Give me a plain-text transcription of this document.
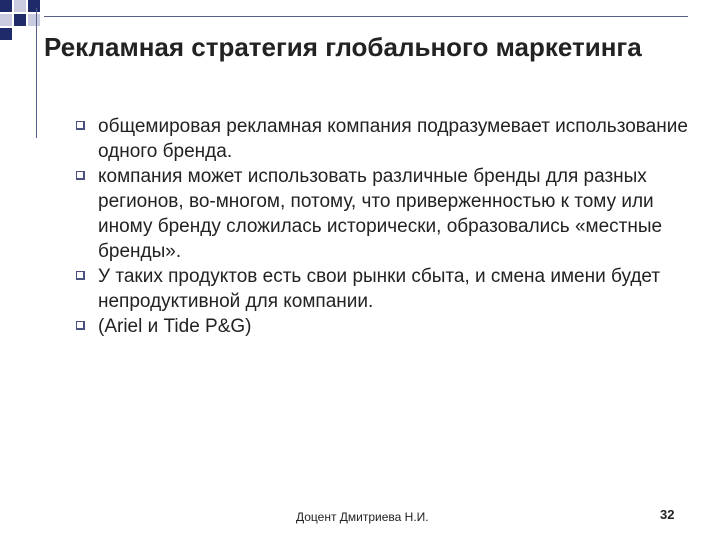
Рекламная стратегия глобального маркетинга
общемировая рекламная компания подразумевает использование одного бренда.
компания может использовать различные бренды для разных регионов, во-многом, потому, что приверженностью к тому или иному бренду сложилась исторически, образовались «местные бренды».
У таких продуктов есть свои рынки сбыта, и смена имени будет непродуктивной для компании.
(Ariel и Tide P&G)
Доцент Дмитриева Н.И.	32
